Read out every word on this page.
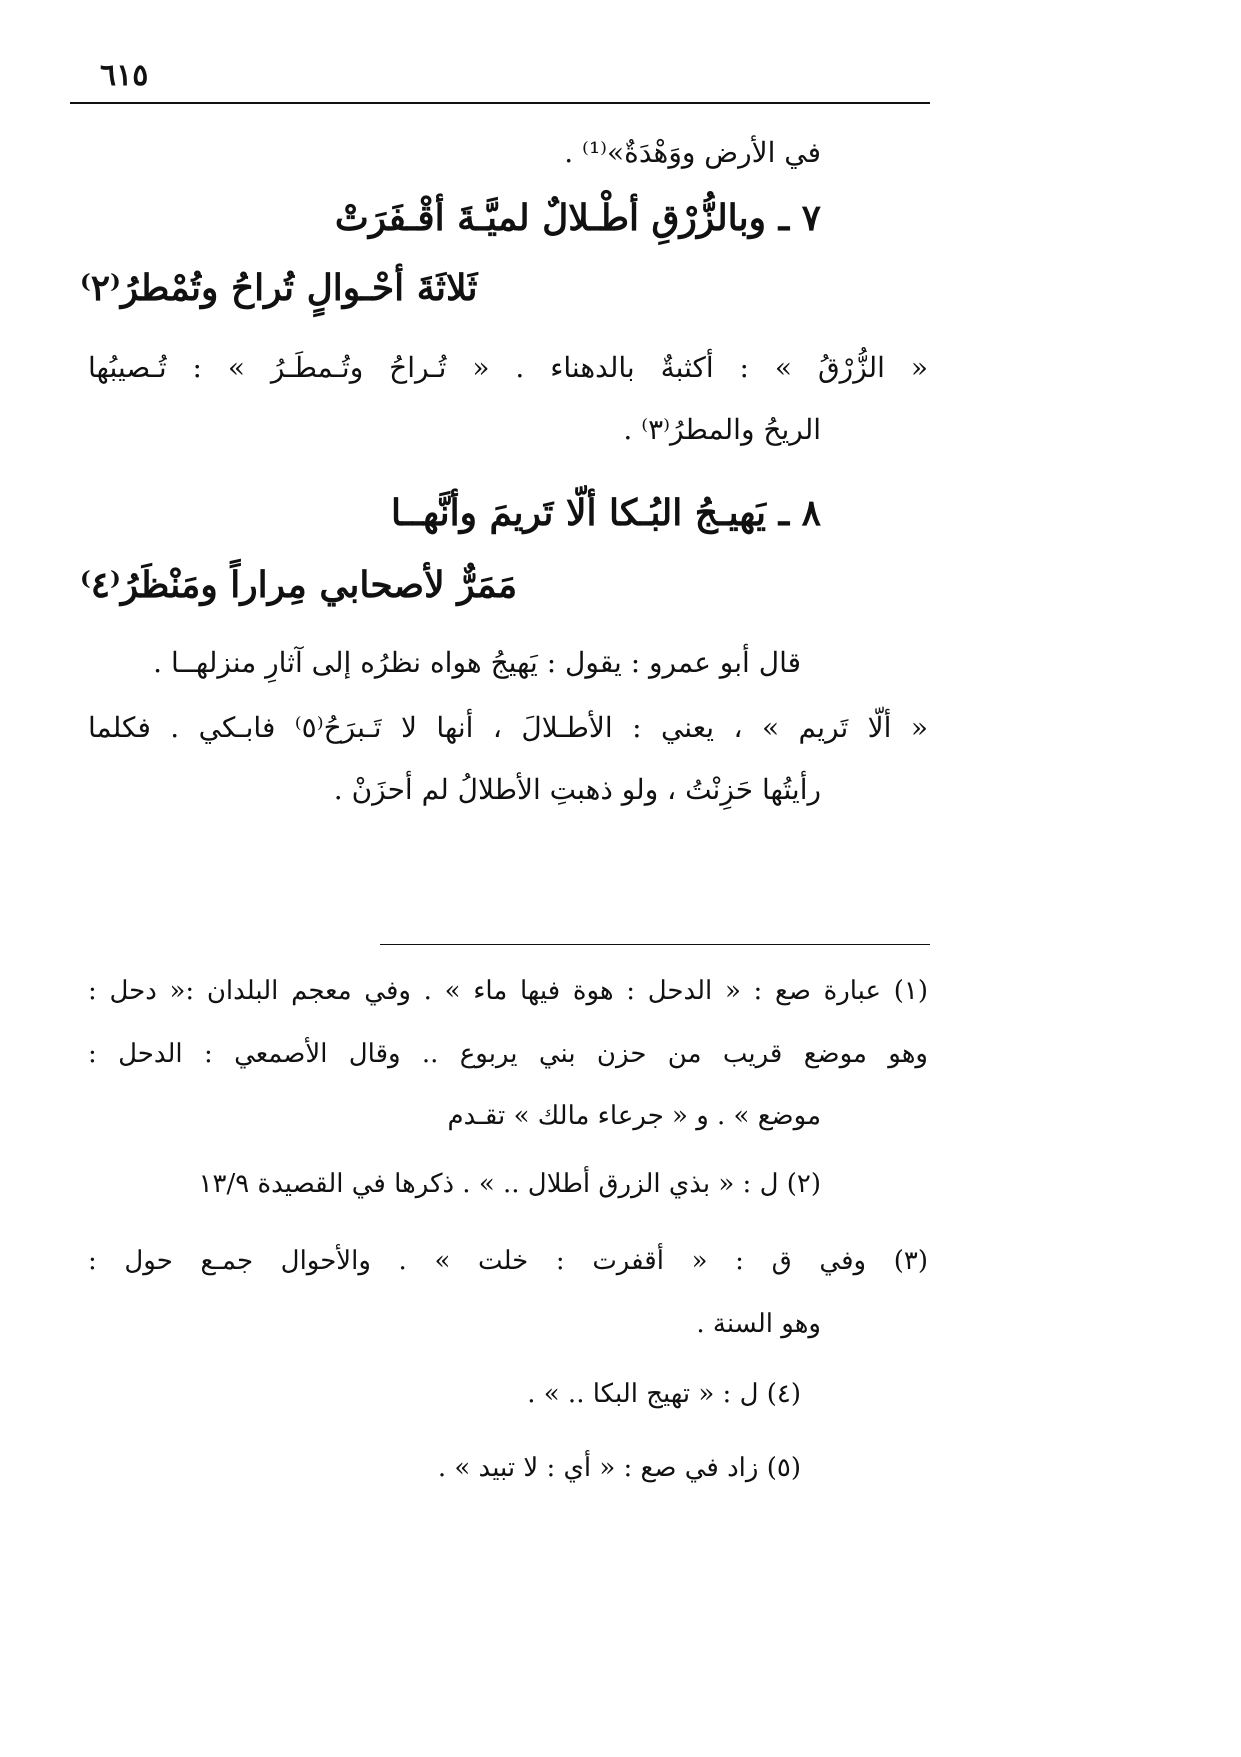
٦١٥
في الأرض ووَهْدَةٌ»⁽¹⁾ .
٧ ـ وبالزُّرْقِ أطْـلالٌ لميَّـةَ أقْـفَرَتْ
ثَلاثَةَ أحْـوالٍ تُراحُ وتُمْطرُ⁽٢⁾
« الزُّرْقُ » : أكثبةٌ بالدهناء . « تُـراحُ وتُـمطَـرُ » : تُـصيبُها
الريحُ والمطرُ⁽٣⁾ .
٨ ـ يَهيـجُ البُـكا ألّا تَريمَ وأنَّهــا
مَمَرٌّ لأصحابي مِراراً ومَنْظَرُ⁽٤⁾
قال أبو عمرو : يقول : يَهيجُ هواه نظرُه إلى آثارِ منزلهــا .
« ألّا تَريم » ، يعني : الأطـلالَ ، أنها لا تَـبرَحُ⁽٥⁾ فابـكي . فكلما
رأيتُها حَزِنْتُ ، ولو ذهبتِ الأطلالُ لم أحزَنْ .
(١) عبارة صع : « الدحل : هوة فيها ماء » . وفي معجم البلدان :« دحل :
وهو موضع قريب من حزن بني يربوع .. وقال الأصمعي : الدحل :
موضع » . و « جرعاء مالك » تقـدم
(٢) ل : « بذي الزرق أطلال .. » . ذكرها في القصيدة ١٣/٩
(٣) وفي ق : « أقفرت : خلت » . والأحوال جمـع حول :
وهو السنة .
(٤) ل : « تهيج البكا .. » .
(٥) زاد في صع : « أي : لا تبيد » .
